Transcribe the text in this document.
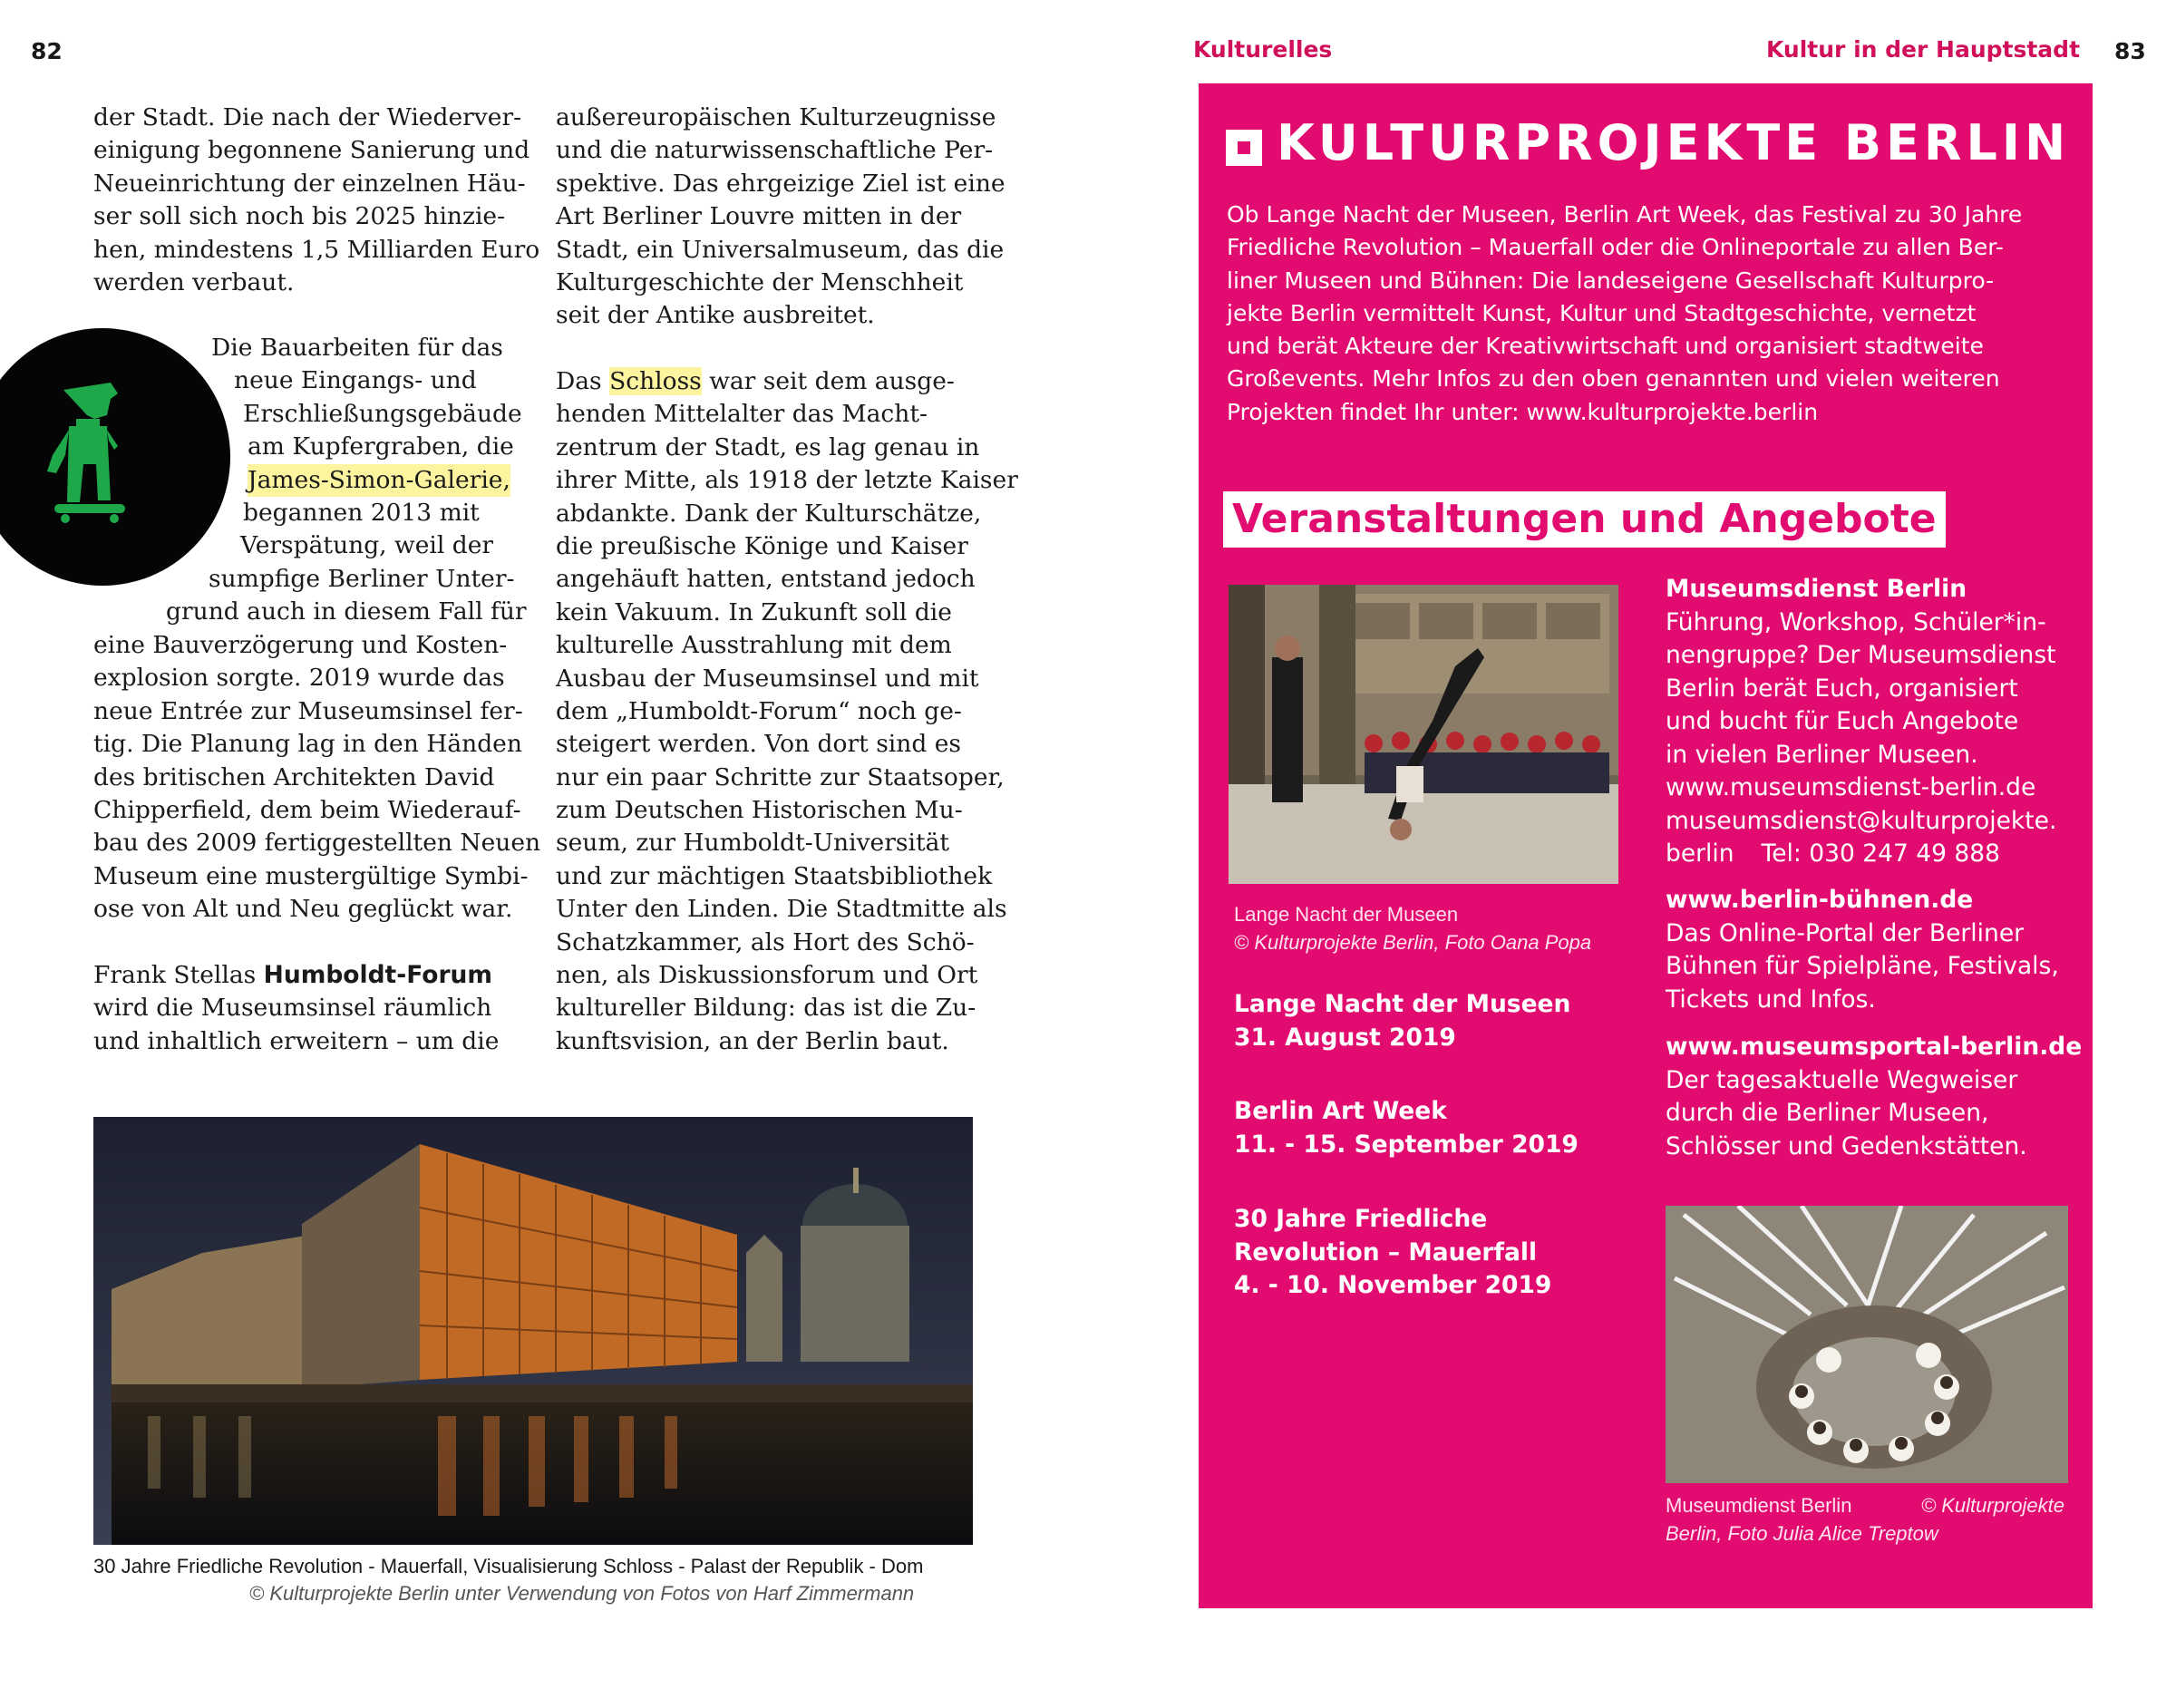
82
der Stadt. Die nach der Wiederver-
einigung begonnene Sanierung und
Neueinrichtung der einzelnen Häu-
ser soll sich noch bis 2025 hinzie-
hen, mindestens 1,5 Milliarden Euro
werden verbaut.
Die Bauarbeiten für das
neue Eingangs- und
Erschließungsgebäude
am Kupfergraben, die
James-Simon-Galerie,
begannen 2013 mit
Verspätung, weil der
sumpfige Berliner Unter-
grund auch in diesem Fall für
eine Bauverzögerung und Kosten-
explosion sorgte. 2019 wurde das
neue Entrée zur Museumsinsel fer-
tig. Die Planung lag in den Händen
des britischen Architekten David
Chipperfield, dem beim Wiederauf-
bau des 2009 fertiggestellten Neuen
Museum eine mustergültige Symbi-
ose von Alt und Neu geglückt war.
Frank Stellas Humboldt-Forum
wird die Museumsinsel räumlich
und inhaltlich erweitern – um die
außereuropäischen Kulturzeugnisse
und die naturwissenschaftliche Per-
spektive. Das ehrgeizige Ziel ist eine
Art Berliner Louvre mitten in der
Stadt, ein Universalmuseum, das die
Kulturgeschichte der Menschheit
seit der Antike ausbreitet.
Das Schloss war seit dem ausge-
henden Mittelalter das Macht-
zentrum der Stadt, es lag genau in
ihrer Mitte, als 1918 der letzte Kaiser
abdankte. Dank der Kulturschätze,
die preußische Könige und Kaiser
angehäuft hatten, entstand jedoch
kein Vakuum. In Zukunft soll die
kulturelle Ausstrahlung mit dem
Ausbau der Museumsinsel und mit
dem „Humboldt-Forum“ noch ge-
steigert werden. Von dort sind es
nur ein paar Schritte zur Staatsoper,
zum Deutschen Historischen Mu-
seum, zur Humboldt-Universität
und zur mächtigen Staatsbibliothek
Unter den Linden. Die Stadtmitte als
Schatzkammer, als Hort des Schö-
nen, als Diskussionsforum und Ort
kultureller Bildung: das ist die Zu-
kunftsvision, an der Berlin baut.
30 Jahre Friedliche Revolution - Mauerfall, Visualisierung Schloss - Palast der Republik - Dom
© Kulturprojekte Berlin unter Verwendung von Fotos von Harf Zimmermann
Kulturelles	Kultur in der Hauptstadt 83
KULTURPROJEKTE BERLIN
Ob Lange Nacht der Museen, Berlin Art Week, das Festival zu 30 Jahre
Friedliche Revolution – Mauerfall oder die Onlineportale zu allen Ber-
liner Museen und Bühnen: Die landeseigene Gesellschaft Kulturpro-
jekte Berlin vermittelt Kunst, Kultur und Stadtgeschichte, vernetzt
und berät Akteure der Kreativwirtschaft und organisiert stadtweite
Großevents. Mehr Infos zu den oben genannten und vielen weiteren
Projekten findet Ihr unter: www.kulturprojekte.berlin
Veranstaltungen und Angebote
Lange Nacht der Museen
© Kulturprojekte Berlin, Foto Oana Popa
Lange Nacht der Museen
31. August 2019
Berlin Art Week
11. - 15. September 2019
30 Jahre Friedliche
Revolution – Mauerfall
4. - 10. November 2019
Museumsdienst Berlin
Führung, Workshop, Schüler*in-
nengruppe? Der Museumsdienst
Berlin berät Euch, organisiert
und bucht für Euch Angebote
in vielen Berliner Museen.
www.museumsdienst-berlin.de
museumsdienst@kulturprojekte.
berlin Tel: 030 247 49 888
www.berlin-bühnen.de
Das Online-Portal der Berliner
Bühnen für Spielpläne, Festivals,
Tickets und Infos.
www.museumsportal-berlin.de
Der tagesaktuelle Wegweiser
durch die Berliner Museen,
Schlösser und Gedenkstätten.
Museumdienst Berlin	© Kulturprojekte
Berlin, Foto Julia Alice Treptow
